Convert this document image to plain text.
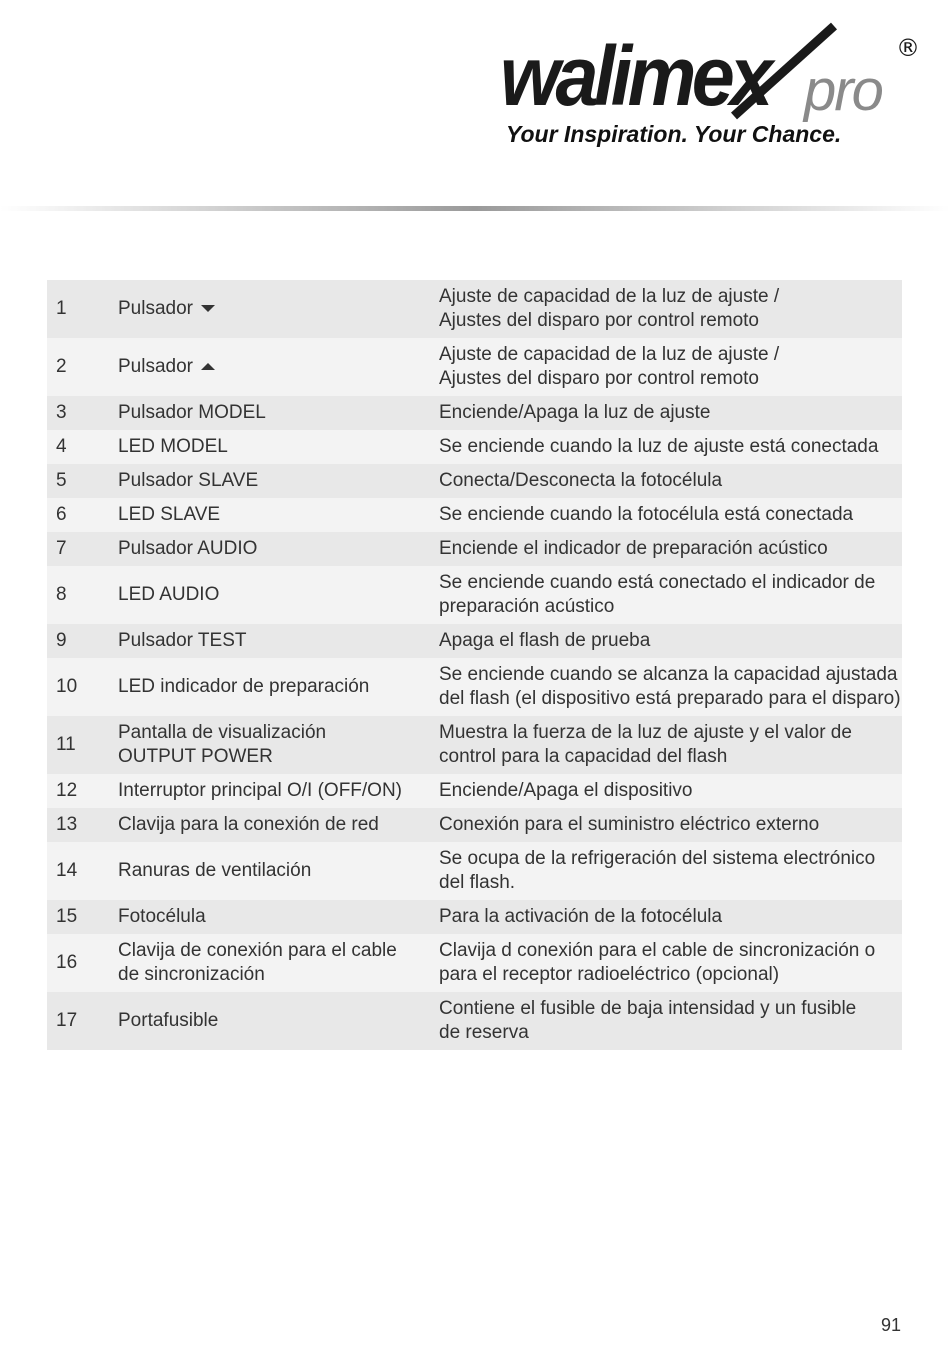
walimex pro
®
Your Inspiration. Your Chance.
1	Pulsador	Ajuste de capacidad de la luz de ajuste /
Ajustes del disparo por control remoto
2	Pulsador	Ajuste de capacidad de la luz de ajuste /
Ajustes del disparo por control remoto
3	Pulsador MODEL	Enciende/Apaga la luz de ajuste
4	LED MODEL	Se enciende cuando la luz de ajuste está conectada
5	Pulsador SLAVE	Conecta/Desconecta la fotocélula
6	LED SLAVE	Se enciende cuando la fotocélula está conectada
7	Pulsador AUDIO	Enciende el indicador de preparación acústico
8	LED AUDIO	Se enciende cuando está conectado el indicador de
preparación acústico
9	Pulsador TEST	Apaga el flash de prueba
10	LED indicador de preparación	Se enciende cuando se alcanza la capacidad ajustada
del flash (el dispositivo está preparado para el disparo)
11	Pantalla de visualización
OUTPUT POWER	Muestra la fuerza de la luz de ajuste y el valor de
control para la capacidad del flash
12	Interruptor principal O/I (OFF/ON)	Enciende/Apaga el dispositivo
13	Clavija para la conexión de red	Conexión para el suministro eléctrico externo
14	Ranuras de ventilación	Se ocupa de la refrigeración del sistema electrónico
del flash.
15	Fotocélula	Para la activación de la fotocélula
16	Clavija de conexión para el cable
de sincronización	Clavija d conexión para el cable de sincronización o
para el receptor radioeléctrico (opcional)
17	Portafusible	Contiene el fusible de baja intensidad y un fusible
de reserva
91
